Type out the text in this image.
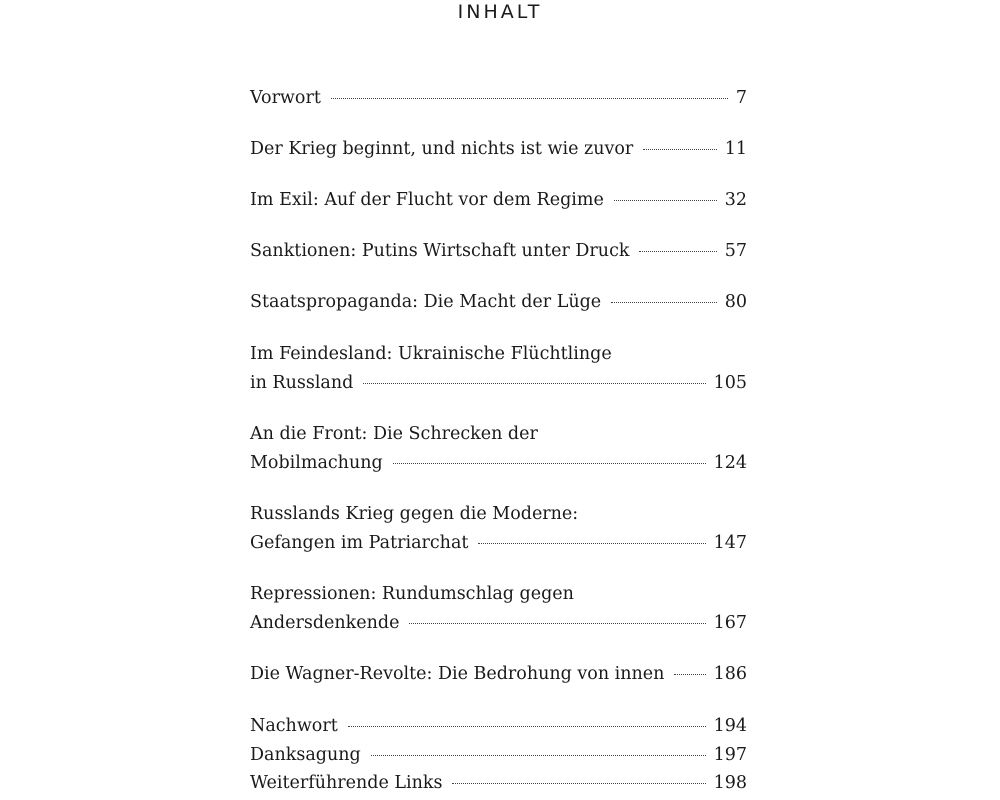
INHALT
Vorwort	7
Der Krieg beginnt, und nichts ist wie zuvor	11
Im Exil: Auf der Flucht vor dem Regime	32
Sanktionen: Putins Wirtschaft unter Druck	57
Staatspropaganda: Die Macht der Lüge	80
Im Feindesland: Ukrainische Flüchtlinge
in Russland	105
An die Front: Die Schrecken der
Mobilmachung	124
Russlands Krieg gegen die Moderne:
Gefangen im Patriarchat	147
Repressionen: Rundumschlag gegen
Andersdenkende	167
Die Wagner-Revolte: Die Bedrohung von innen	186
Nachwort	194
Danksagung	197
Weiterführende Links	198
